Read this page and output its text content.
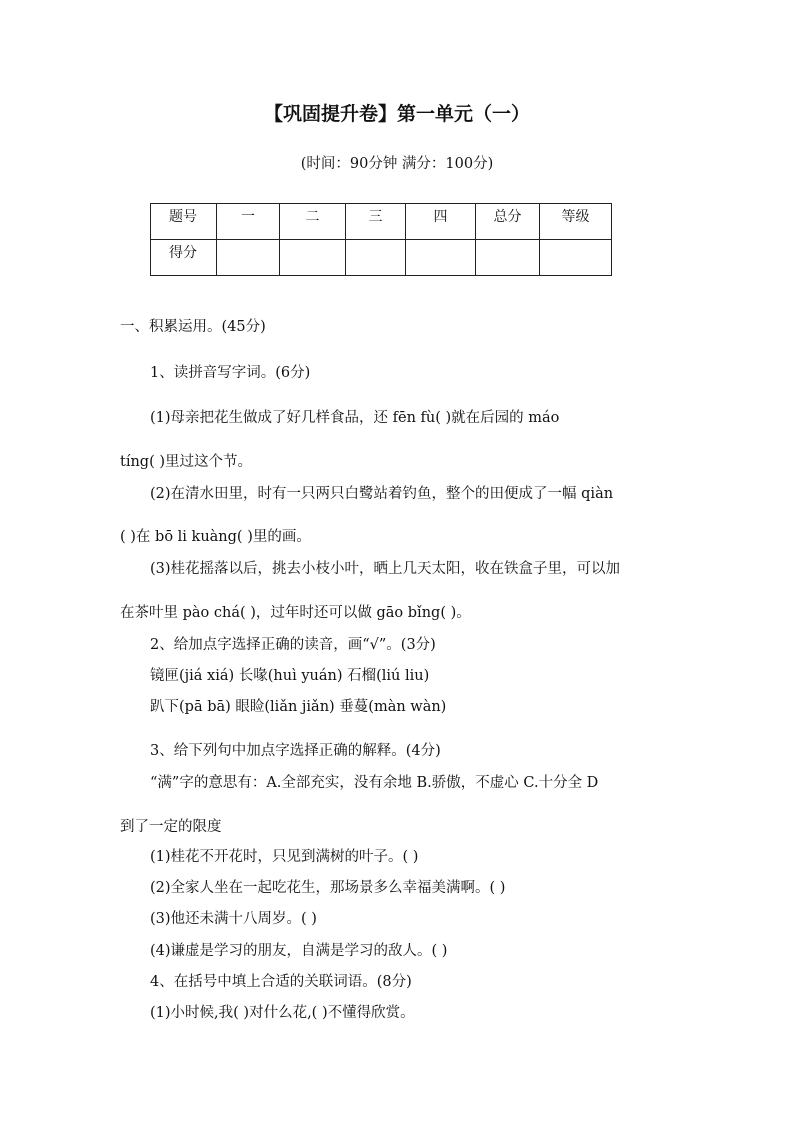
【巩固提升卷】第一单元（一）
(时间：90分钟 满分：100分)
题号	一	二	三	四	总分	等级
得分						
一、积累运用。(45分)
1、读拼音写字词。(6分)
(1)母亲把花生做成了好几样食品，还 fēn fù( )就在后园的 máo
tíng( )里过这个节。
(2)在清水田里，时有一只两只白鹭站着钓鱼，整个的田便成了一幅 qiàn
( )在 bō li kuàng( )里的画。
(3)桂花摇落以后，挑去小枝小叶，晒上几天太阳，收在铁盒子里，可以加
在茶叶里 pào chá( )，过年时还可以做 gāo bǐng( )。
2、给加点字选择正确的读音，画“√”。(3分)
镜匣(jiá xiá) 长喙(huì yuán) 石榴(liú liu)
趴下(pā bā) 眼睑(liǎn jiǎn) 垂蔓(màn wàn)
3、给下列句中加点字选择正确的解释。(4分)
“满”字的意思有：A.全部充实，没有余地 B.骄傲，不虚心 C.十分全 D
到了一定的限度
(1)桂花不开花时，只见到满树的叶子。( )
(2)全家人坐在一起吃花生，那场景多么幸福美满啊。( )
(3)他还未满十八周岁。( )
(4)谦虚是学习的朋友，自满是学习的敌人。( )
4、在括号中填上合适的关联词语。(8分)
(1)小时候,我( )对什么花,( )不懂得欣赏。
